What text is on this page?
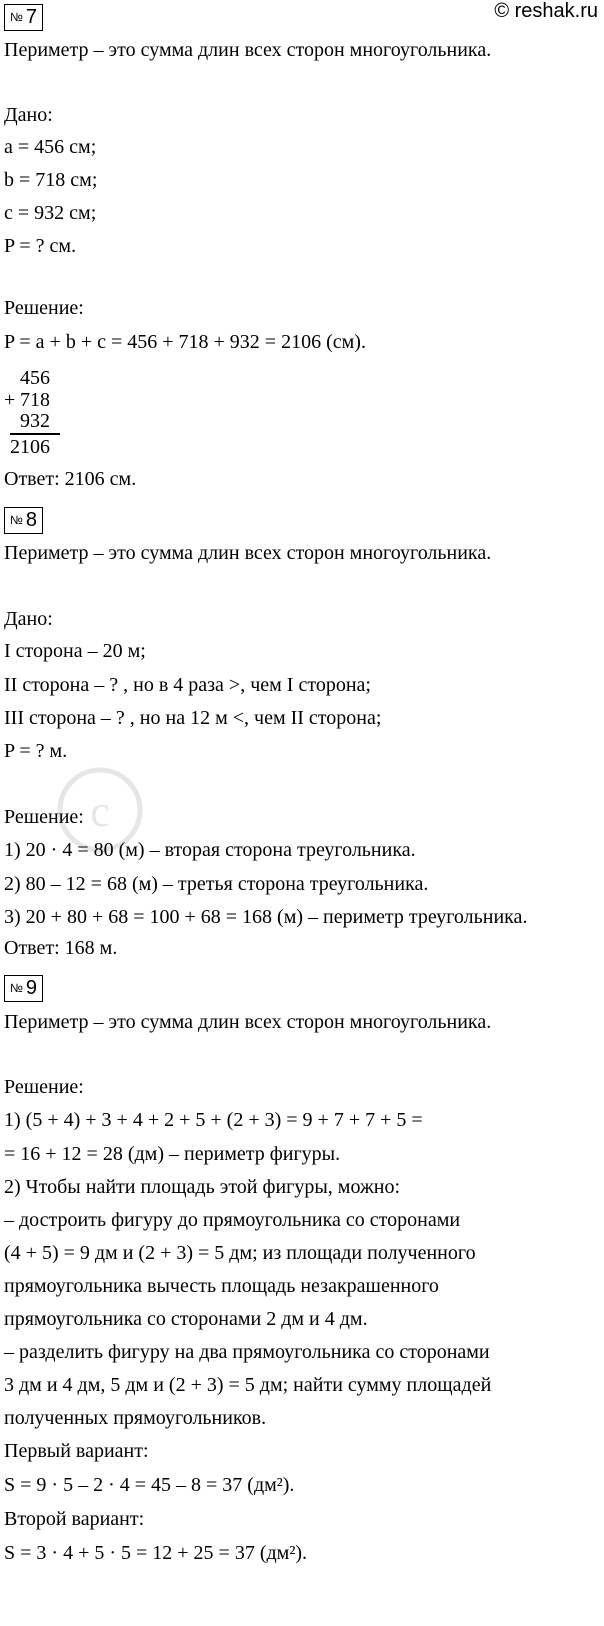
© reshak.ru
c
№ 7
Периметр – это сумма длин всех сторон многоугольника.
Дано:
a = 456 см;
b = 718 см;
c = 932 см;
P = ? см.
Решение:
P = a + b + c = 456 + 718 + 932 = 2106 (см).
456
+ 718
932
2106
Ответ: 2106 см.
№ 8
Периметр – это сумма длин всех сторон многоугольника.
Дано:
I сторона – 20 м;
II сторона – ? , но в 4 раза >, чем I сторона;
III сторона – ? , но на 12 м <, чем II сторона;
P = ? м.
Решение:
1) 20 · 4 = 80 (м) – вторая сторона треугольника.
2) 80 – 12 = 68 (м) – третья сторона треугольника.
3) 20 + 80 + 68 = 100 + 68 = 168 (м) – периметр треугольника.
Ответ: 168 м.
№ 9
Периметр – это сумма длин всех сторон многоугольника.
Решение:
1) (5 + 4) + 3 + 4 + 2 + 5 + (2 + 3) = 9 + 7 + 7 + 5 =
= 16 + 12 = 28 (дм) – периметр фигуры.
2) Чтобы найти площадь этой фигуры, можно:
– достроить фигуру до прямоугольника со сторонами
(4 + 5) = 9 дм и (2 + 3) = 5 дм; из площади полученного
прямоугольника вычесть площадь незакрашенного
прямоугольника со сторонами 2 дм и 4 дм.
– разделить фигуру на два прямоугольника со сторонами
3 дм и 4 дм, 5 дм и (2 + 3) = 5 дм; найти сумму площадей
полученных прямоугольников.
Первый вариант:
S = 9 · 5 – 2 · 4 = 45 – 8 = 37 (дм²).
Второй вариант:
S = 3 · 4 + 5 · 5 = 12 + 25 = 37 (дм²).
